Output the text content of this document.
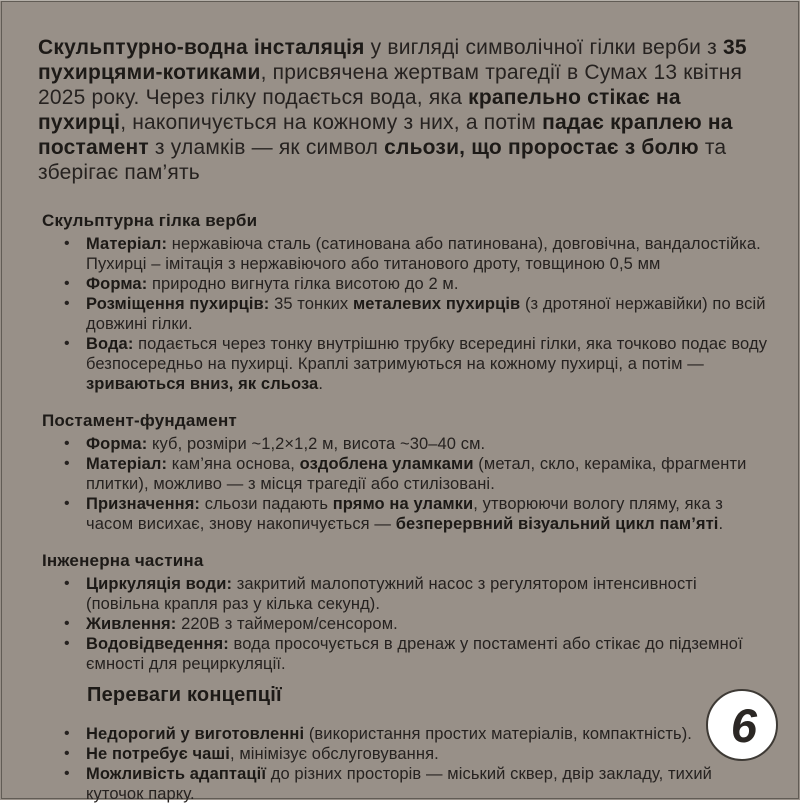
Скульптурно-водна інсталяція у вигляді символічної гілки верби з 35 пухирцями-котиками, присвячена жертвам трагедії в Сумах 13 квітня 2025 року. Через гілку подається вода, яка крапельно стікає на пухирці, накопичується на кожному з них, а потім падає краплею на постамент з уламків — як символ сльози, що проростає з болю та зберігає пам’ять

Скульптурна гілка верби
• Матеріал: нержавіюча сталь (сатинована або патинована), довговічна, вандалостійка. Пухирці – імітація з нержавіючого або титанового дроту, товщиною 0,5 мм
• Форма: природно вигнута гілка висотою до 2 м.
• Розміщення пухирців: 35 тонких металевих пухирців (з дротяної нержавійки) по всій довжині гілки.
• Вода: подається через тонку внутрішню трубку всередині гілки, яка точково подає воду безпосередньо на пухирці. Краплі затримуються на кожному пухирці, а потім — зриваються вниз, як сльоза.
Постамент-фундамент
• Форма: куб, розміри ~1,2×1,2 м, висота ~30–40 см.
• Матеріал: кам’яна основа, оздоблена уламками (метал, скло, кераміка, фрагменти плитки), можливо — з місця трагедії або стилізовані.
• Призначення: сльози падають прямо на уламки, утворюючи вологу пляму, яка з часом висихає, знову накопичується — безперервний візуальний цикл пам’яті.
Інженерна частина
• Циркуляція води: закритий малопотужний насос з регулятором інтенсивності (повільна крапля раз у кілька секунд).
• Живлення: 220В з таймером/сенсором.
• Водовідведення: вода просочується в дренаж у постаменті або стікає до підземної ємності для рециркуляції.
Переваги концепції
• Недорогий у виготовленні (використання простих матеріалів, компактність).
• Не потребує чаші, мінімізує обслуговування.
• Можливість адаптації до різних просторів — міський сквер, двір закладу, тихий куточок парку.
6
